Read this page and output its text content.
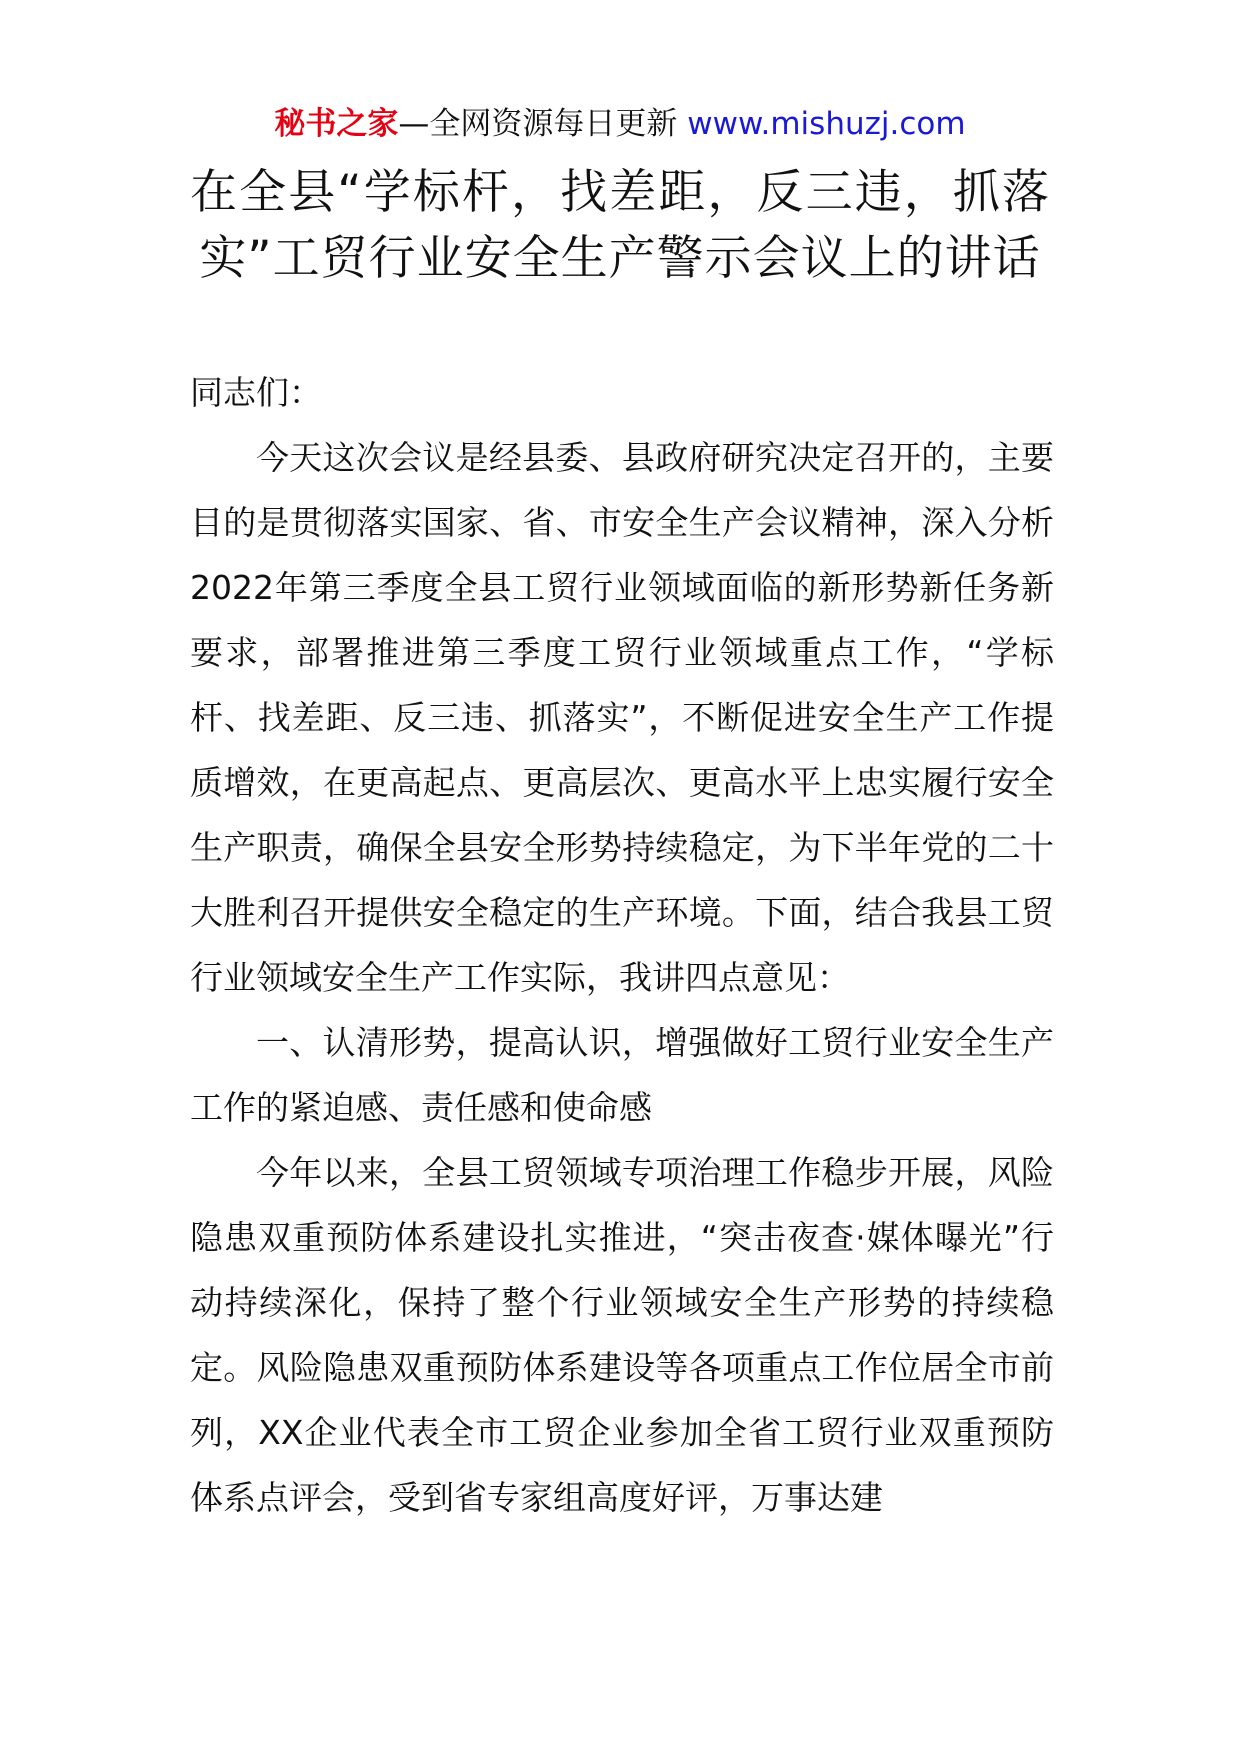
秘书之家—全网资源每日更新 www.mishuzj.com
在全县“学标杆，找差距，反三违，抓落实”工贸行业安全生产警示会议上的讲话

同志们：

今天这次会议是经县委、县政府研究决定召开的，主要目的是贯彻落实国家、省、市安全生产会议精神，深入分析2022年第三季度全县工贸行业领域面临的新形势新任务新要求，部署推进第三季度工贸行业领域重点工作，“学标杆、找差距、反三违、抓落实”，不断促进安全生产工作提质增效，在更高起点、更高层次、更高水平上忠实履行安全生产职责，确保全县安全形势持续稳定，为下半年党的二十大胜利召开提供安全稳定的生产环境。下面，结合我县工贸行业领域安全生产工作实际，我讲四点意见：

一、认清形势，提高认识，增强做好工贸行业安全生产工作的紧迫感、责任感和使命感

今年以来，全县工贸领域专项治理工作稳步开展，风险隐患双重预防体系建设扎实推进，“突击夜查·媒体曝光”行动持续深化，保持了整个行业领域安全生产形势的持续稳定。风险隐患双重预防体系建设等各项重点工作位居全市前列，XX企业代表全市工贸企业参加全省工贸行业双重预防体系点评会，受到省专家组高度好评，万事达建
